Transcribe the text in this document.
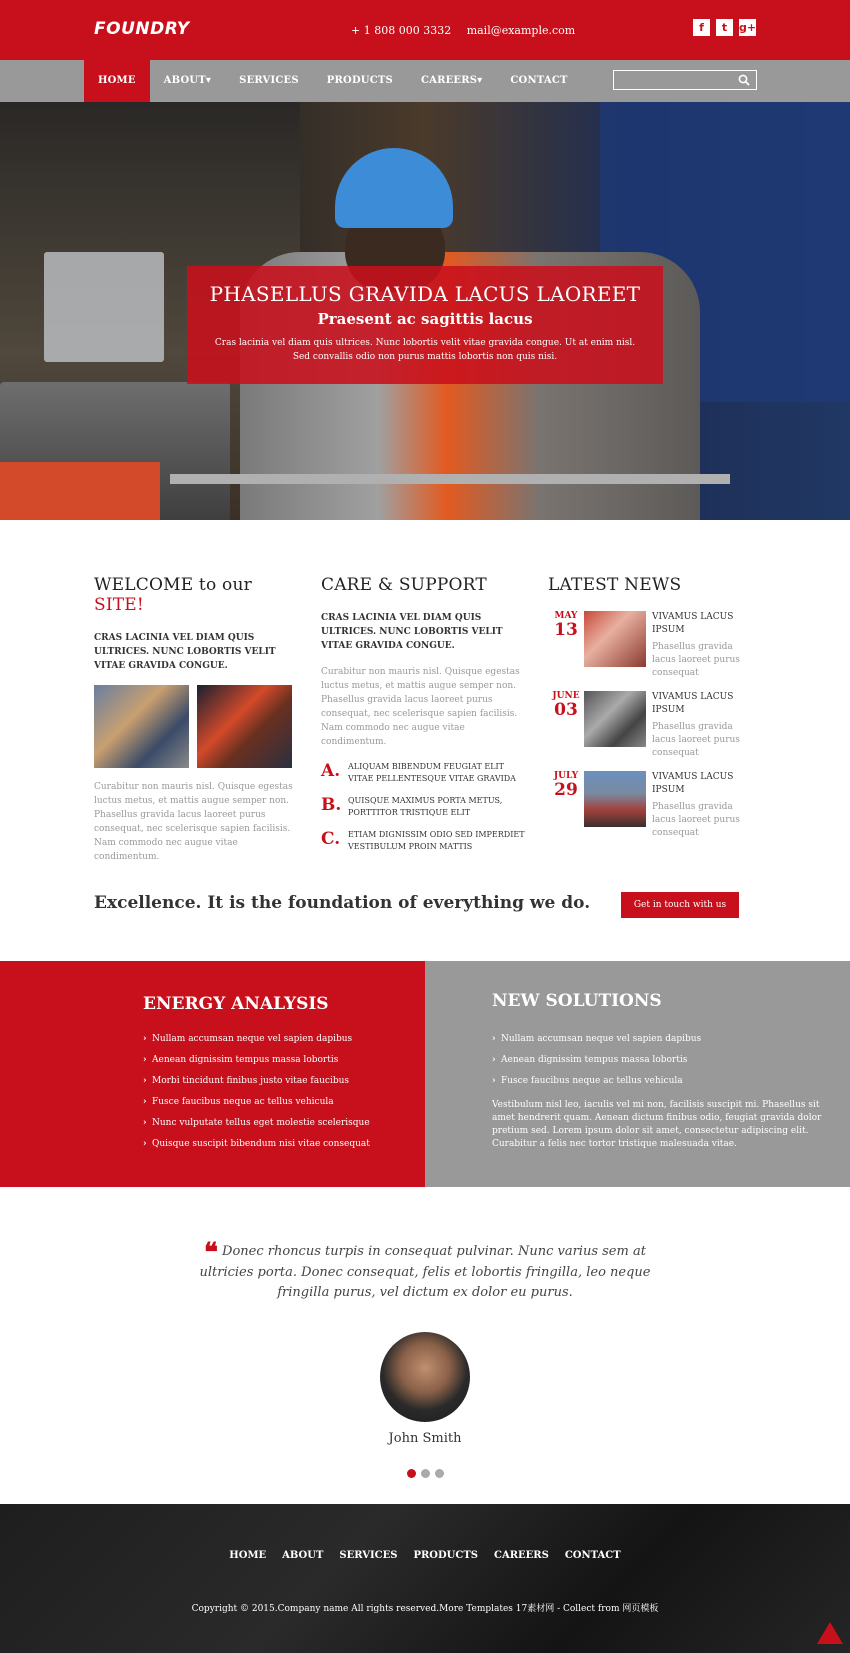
FOUNDRY	+ 1 808 000 3332 mail@example.com	f	t	g+
HOME	ABOUT▾	SERVICES	PRODUCTS	CAREERS▾	CONTACT
PHASELLUS GRAVIDA LACUS LAOREET
Praesent ac sagittis lacus

Cras lacinia vel diam quis ultrices. Nunc lobortis velit vitae gravida congue. Ut at enim nisl. Sed convallis odio non purus mattis lobortis non quis nisi.

WELCOME to our SITE!
CRAS LACINIA VEL DIAM QUIS ULTRICES. NUNC LOBORTIS VELIT VITAE GRAVIDA CONGUE.
Curabitur non mauris nisl. Quisque egestas luctus metus, et mattis augue semper non. Phasellus gravida lacus laoreet purus consequat, nec scelerisque sapien facilisis. Nam commodo nec augue vitae condimentum.
CARE & SUPPORT
CRAS LACINIA VEL DIAM QUIS ULTRICES. NUNC LOBORTIS VELIT VITAE GRAVIDA CONGUE.
Curabitur non mauris nisl. Quisque egestas luctus metus, et mattis augue semper non. Phasellus gravida lacus laoreet purus consequat, nec scelerisque sapien facilisis. Nam commodo nec augue vitae condimentum.
A. ALIQUAM BIBENDUM FEUGIAT ELIT VITAE PELLENTESQUE VITAE GRAVIDA
B. QUISQUE MAXIMUS PORTA METUS, PORTTITOR TRISTIQUE ELIT
C. ETIAM DIGNISSIM ODIO SED IMPERDIET VESTIBULUM PROIN MATTIS
LATEST NEWS
MAY
13
VIVAMUS LACUS IPSUM
Phasellus gravida lacus laoreet purus consequat
JUNE
03
VIVAMUS LACUS IPSUM
Phasellus gravida lacus laoreet purus consequat
JULY
29
VIVAMUS LACUS IPSUM
Phasellus gravida lacus laoreet purus consequat
Excellence. It is the foundation of everything we do.	Get in touch with us
ENERGY ANALYSIS
› Nullam accumsan neque vel sapien dapibus
› Aenean dignissim tempus massa lobortis
› Morbi tincidunt finibus justo vitae faucibus
› Fusce faucibus neque ac tellus vehicula
› Nunc vulputate tellus eget molestie scelerisque
› Quisque suscipit bibendum nisi vitae consequat
NEW SOLUTIONS
› Nullam accumsan neque vel sapien dapibus
› Aenean dignissim tempus massa lobortis
› Fusce faucibus neque ac tellus vehicula

Vestibulum nisl leo, iaculis vel mi non, facilisis suscipit mi. Phasellus sit amet hendrerit quam. Aenean dictum finibus odio, feugiat gravida dolor pretium sed. Lorem ipsum dolor sit amet, consectetur adipiscing elit. Curabitur a felis nec tortor tristique malesuada vitae.

❝ Donec rhoncus turpis in consequat pulvinar. Nunc varius sem at ultricies porta. Donec consequat, felis et lobortis fringilla, leo neque fringilla purus, vel dictum ex dolor eu purus.
John Smith
HOME	ABOUT	SERVICES	PRODUCTS	CAREERS	CONTACT
Copyright © 2015.Company name All rights reserved.More Templates 17素材网 - Collect from 网页模板
